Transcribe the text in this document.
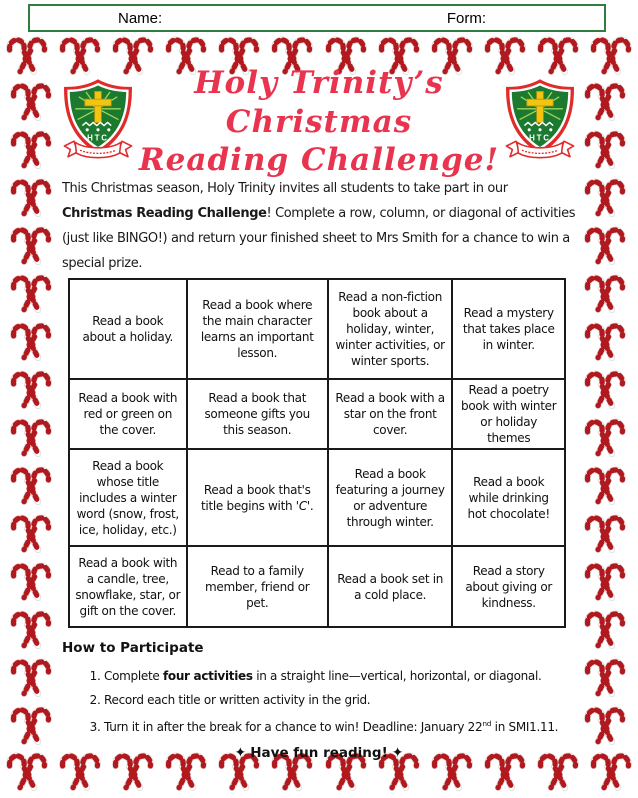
Name:	Form:
Holy Trinity’s Christmas
Reading Challenge!

This Christmas season, Holy Trinity invites all students to take part in our Christmas Reading Challenge! Complete a row, column, or diagonal of activities (just like BINGO!) and return your finished sheet to Mrs Smith for a chance to win a special prize.

Read a book about a holiday.	Read a book where the main character learns an important lesson.	Read a non-fiction book about a holiday, winter, winter activities, or winter sports.	Read a mystery that takes place in winter.
Read a book with red or green on the cover.	Read a book that someone gifts you this season.	Read a book with a star on the front cover.	Read a poetry book with winter or holiday themes
Read a book whose title includes a winter word (snow, frost, ice, holiday, etc.)	Read a book that's title begins with 'C'.	Read a book featuring a journey or adventure through winter.	Read a book while drinking hot chocolate!
Read a book with a candle, tree, snowflake, star, or gift on the cover.	Read to a family member, friend or pet.	Read a book set in a cold place.	Read a story about giving or kindness.
How to Participate
1. Complete four activities in a straight line—vertical, horizontal, or diagonal.
2. Record each title or written activity in the grid.
3. Turn it in after the break for a chance to win! Deadline: January 22nd in SMI1.11.
✦ Have fun reading! ✦
